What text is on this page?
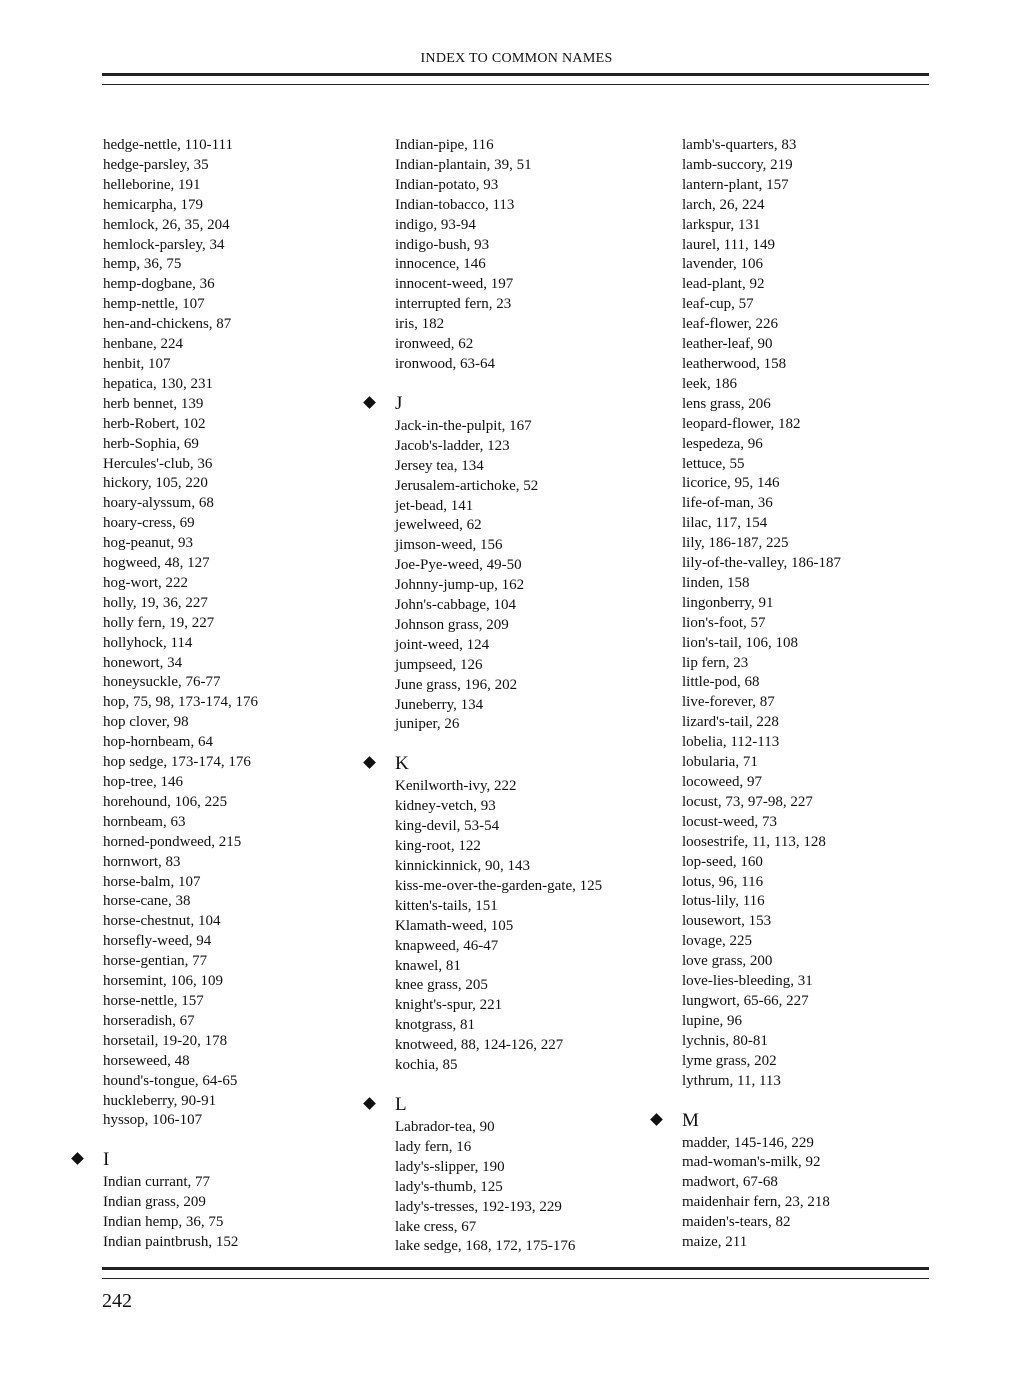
INDEX TO COMMON NAMES
hedge-nettle, 110-111
hedge-parsley, 35
helleborine, 191
hemicarpha, 179
hemlock, 26, 35, 204
hemlock-parsley, 34
hemp, 36, 75
hemp-dogbane, 36
hemp-nettle, 107
hen-and-chickens, 87
henbane, 224
henbit, 107
hepatica, 130, 231
herb bennet, 139
herb-Robert, 102
herb-Sophia, 69
Hercules'-club, 36
hickory, 105, 220
hoary-alyssum, 68
hoary-cress, 69
hog-peanut, 93
hogweed, 48, 127
hog-wort, 222
holly, 19, 36, 227
holly fern, 19, 227
hollyhock, 114
honewort, 34
honeysuckle, 76-77
hop, 75, 98, 173-174, 176
hop clover, 98
hop-hornbeam, 64
hop sedge, 173-174, 176
hop-tree, 146
horehound, 106, 225
hornbeam, 63
horned-pondweed, 215
hornwort, 83
horse-balm, 107
horse-cane, 38
horse-chestnut, 104
horsefly-weed, 94
horse-gentian, 77
horsemint, 106, 109
horse-nettle, 157
horseradish, 67
horsetail, 19-20, 178
horseweed, 48
hound's-tongue, 64-65
huckleberry, 90-91
hyssop, 106-107
I
Indian currant, 77
Indian grass, 209
Indian hemp, 36, 75
Indian paintbrush, 152
Indian-pipe, 116
Indian-plantain, 39, 51
Indian-potato, 93
Indian-tobacco, 113
indigo, 93-94
indigo-bush, 93
innocence, 146
innocent-weed, 197
interrupted fern, 23
iris, 182
ironweed, 62
ironwood, 63-64
J
Jack-in-the-pulpit, 167
Jacob's-ladder, 123
Jersey tea, 134
Jerusalem-artichoke, 52
jet-bead, 141
jewelweed, 62
jimson-weed, 156
Joe-Pye-weed, 49-50
Johnny-jump-up, 162
John's-cabbage, 104
Johnson grass, 209
joint-weed, 124
jumpseed, 126
June grass, 196, 202
Juneberry, 134
juniper, 26
K
Kenilworth-ivy, 222
kidney-vetch, 93
king-devil, 53-54
king-root, 122
kinnickinnick, 90, 143
kiss-me-over-the-garden-gate, 125
kitten's-tails, 151
Klamath-weed, 105
knapweed, 46-47
knawel, 81
knee grass, 205
knight's-spur, 221
knotgrass, 81
knotweed, 88, 124-126, 227
kochia, 85
L
Labrador-tea, 90
lady fern, 16
lady's-slipper, 190
lady's-thumb, 125
lady's-tresses, 192-193, 229
lake cress, 67
lake sedge, 168, 172, 175-176
lamb's-quarters, 83
lamb-succory, 219
lantern-plant, 157
larch, 26, 224
larkspur, 131
laurel, 111, 149
lavender, 106
lead-plant, 92
leaf-cup, 57
leaf-flower, 226
leather-leaf, 90
leatherwood, 158
leek, 186
lens grass, 206
leopard-flower, 182
lespedeza, 96
lettuce, 55
licorice, 95, 146
life-of-man, 36
lilac, 117, 154
lily, 186-187, 225
lily-of-the-valley, 186-187
linden, 158
lingonberry, 91
lion's-foot, 57
lion's-tail, 106, 108
lip fern, 23
little-pod, 68
live-forever, 87
lizard's-tail, 228
lobelia, 112-113
lobularia, 71
locoweed, 97
locust, 73, 97-98, 227
locust-weed, 73
loosestrife, 11, 113, 128
lop-seed, 160
lotus, 96, 116
lotus-lily, 116
lousewort, 153
lovage, 225
love grass, 200
love-lies-bleeding, 31
lungwort, 65-66, 227
lupine, 96
lychnis, 80-81
lyme grass, 202
lythrum, 11, 113
M
madder, 145-146, 229
mad-woman's-milk, 92
madwort, 67-68
maidenhair fern, 23, 218
maiden's-tears, 82
maize, 211
242
